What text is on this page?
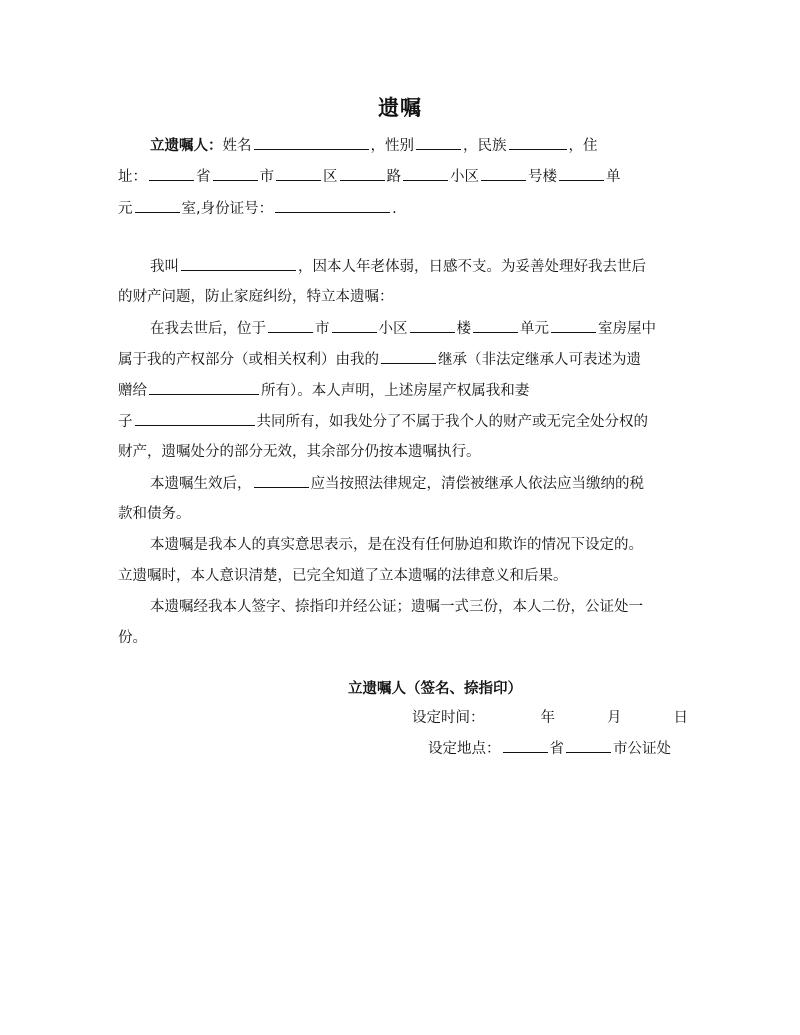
遗嘱
立遗嘱人：姓名	，性别	，民族	，住
址：	省	市	区	路	小区	号楼	单
元	室,身份证号：	.
我叫	，因本人年老体弱，日感不支。为妥善处理好我去世后
的财产问题，防止家庭纠纷，特立本遗嘱：
在我去世后，位于	市	小区	楼	单元	室房屋中
属于我的产权部分（或相关权利）由我的	继承（非法定继承人可表述为遗
赠给	所有）。本人声明，上述房屋产权属我和妻
子	共同所有，如我处分了不属于我个人的财产或无完全处分权的
财产，遗嘱处分的部分无效，其余部分仍按本遗嘱执行。
本遗嘱生效后，	应当按照法律规定，清偿被继承人依法应当缴纳的税
款和债务。
本遗嘱是我本人的真实意思表示，是在没有任何胁迫和欺诈的情况下设定的。
立遗嘱时，本人意识清楚，已完全知道了立本遗嘱的法律意义和后果。
本遗嘱经我本人签字、捺指印并经公证；遗嘱一式三份，本人二份，公证处一
份。
立遗嘱人（签名、捺指印）
设定时间：	年	月	日
设定地点：	省	市公证处
